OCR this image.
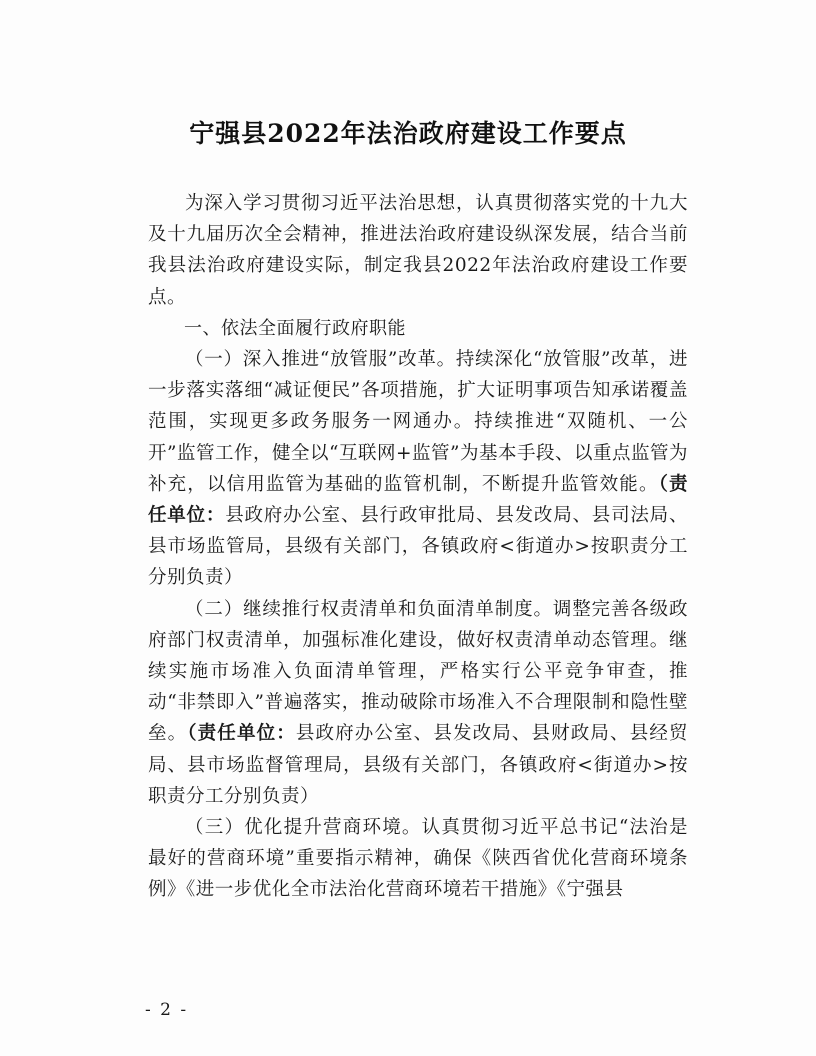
宁强县2022年法治政府建设工作要点

为深入学习贯彻习近平法治思想，认真贯彻落实党的十九大及十九届历次全会精神，推进法治政府建设纵深发展，结合当前我县法治政府建设实际，制定我县2022年法治政府建设工作要点。

一、依法全面履行政府职能

（一）深入推进“放管服”改革。持续深化“放管服”改革，进一步落实落细“减证便民”各项措施，扩大证明事项告知承诺覆盖范围，实现更多政务服务一网通办。持续推进“双随机、一公开”监管工作，健全以“互联网+监管”为基本手段、以重点监管为补充，以信用监管为基础的监管机制，不断提升监管效能。（责任单位：县政府办公室、县行政审批局、县发改局、县司法局、县市场监管局，县级有关部门，各镇政府<街道办>按职责分工分别负责）

（二）继续推行权责清单和负面清单制度。调整完善各级政府部门权责清单，加强标准化建设，做好权责清单动态管理。继续实施市场准入负面清单管理，严格实行公平竞争审查，推动“非禁即入”普遍落实，推动破除市场准入不合理限制和隐性壁垒。（责任单位：县政府办公室、县发改局、县财政局、县经贸局、县市场监督管理局，县级有关部门，各镇政府<街道办>按职责分工分别负责）

（三）优化提升营商环境。认真贯彻习近平总书记“法治是最好的营商环境”重要指示精神，确保《陕西省优化营商环境条例》《进一步优化全市法治化营商环境若干措施》《宁强县

- 2 -
